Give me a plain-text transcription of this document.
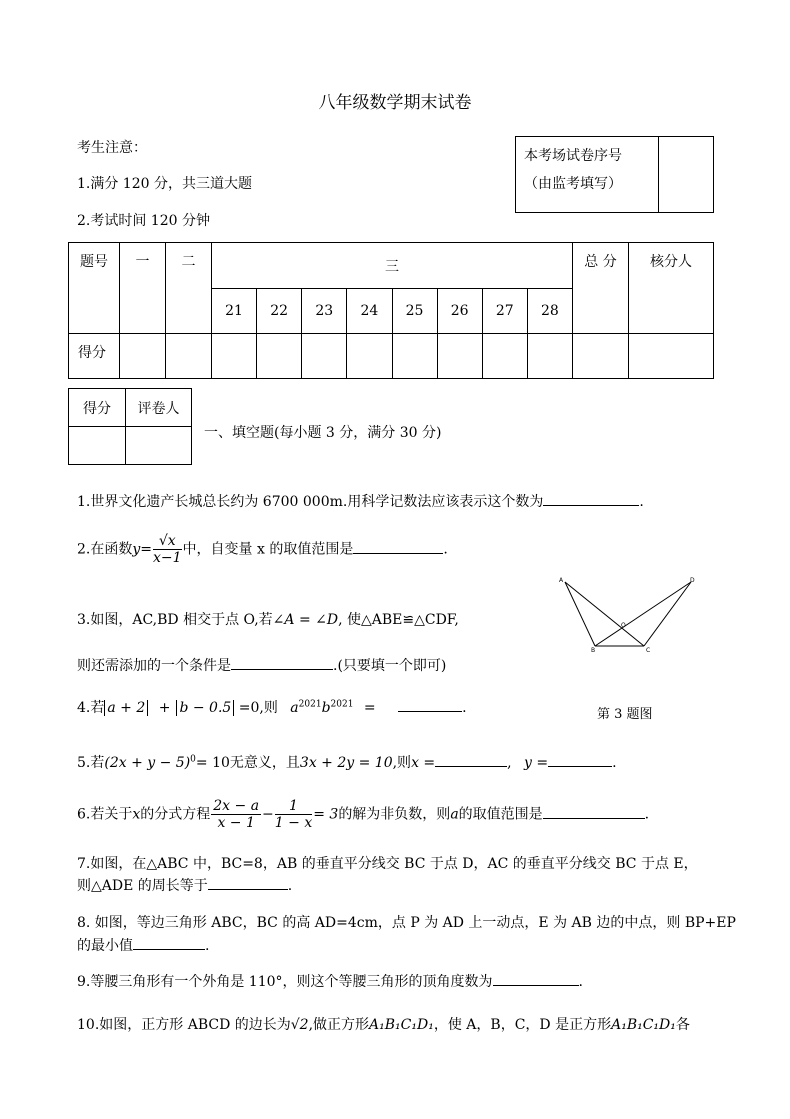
八年级数学期末试卷
考生注意：
1.满分 120 分，共三道大题
2.考试时间 120 分钟
本考场试卷序号
（由监考填写）

题号	一	二	三								总 分	核分人
			21	22	23	24	25	26	27	28		
得分												
得分	评卷人

一、填空题(每小题 3 分，满分 30 分)
1.世界文化遗产长城总长约为 6700 000m.用科学记数法应该表示这个数为	.
2.在函数$y= \frac{√x}{x-1}$ 中，自变量 x 的取值范围是	.
3.如图，AC,BD 相交于点 O,若∠A = ∠D, 使△ABE≌△CDF,
则还需添加的一个条件是	.(只要填一个即可)
A	D
O
B	C
第 3 题图
4.若 a + 2 + b − 0.5 =0,则 $a^{2021}b^{2021}$ =	.
5.若$(2x + y - 5)^0= 10$无意义，且3x + 2y = 10,则x =	, y =	.
6.若关于x的分式方程 $\frac{2x - a}{x - 1} - \frac{1}{1 - x} = 3$的解为非负数，则a的取值范围是	.
7.如图，在△ABC 中，BC=8，AB 的垂直平分线交 BC 于点 D，AC 的垂直平分线交 BC 于点 E，
则△ADE 的周长等于	.
8. 如图，等边三角形 ABC，BC 的高 AD=4cm，点 P 为 AD 上一动点，E 为 AB 边的中点，则 BP+EP
的最小值	.
9.等腰三角形有一个外角是 110°，则这个等腰三角形的顶角度数为	.
10.如图，正方形 ABCD 的边长为√2,做正方形A₁B₁C₁D₁，使 A，B，C，D 是正方形A₁B₁C₁D₁各
